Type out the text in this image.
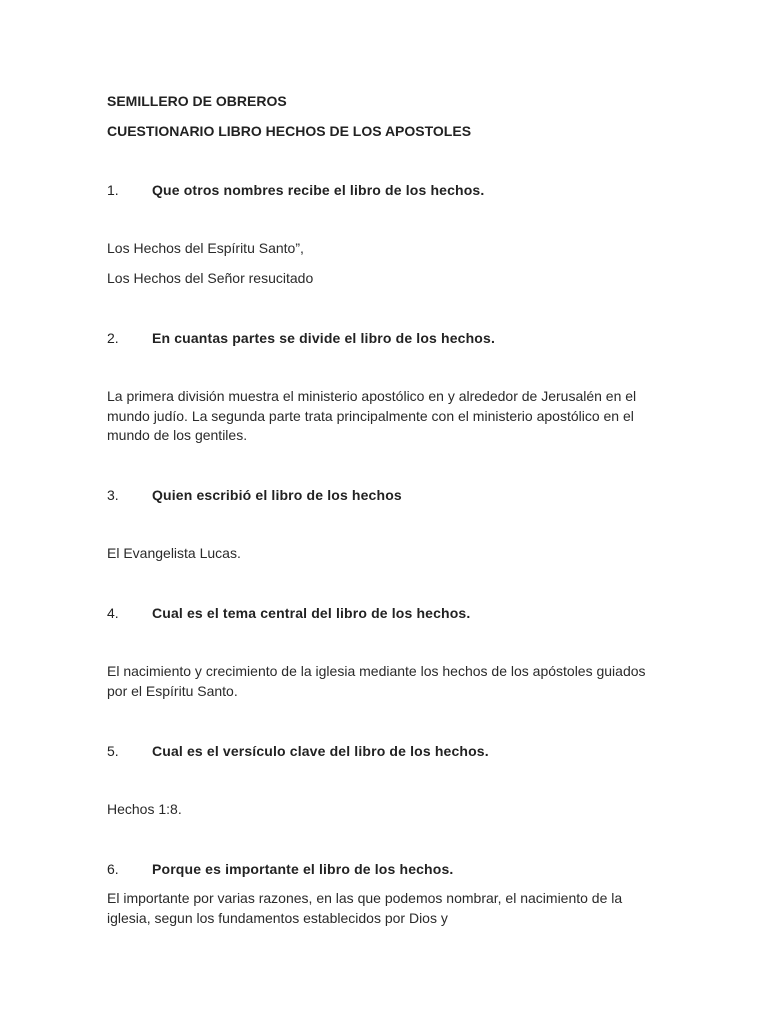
SEMILLERO DE OBREROS
CUESTIONARIO LIBRO HECHOS DE LOS APOSTOLES
1. Que otros nombres recibe el libro de los hechos.
Los Hechos del Espíritu Santo”,
Los Hechos del Señor resucitado
2. En cuantas partes se divide el libro de los hechos.
La primera división muestra el ministerio apostólico en y alrededor de Jerusalén en el mundo judío. La segunda parte trata principalmente con el ministerio apostólico en el mundo de los gentiles.
3. Quien escribió el libro de los hechos
El Evangelista Lucas.
4. Cual es el tema central del libro de los hechos.
El nacimiento y crecimiento de la iglesia mediante los hechos de los apóstoles guiados por el Espíritu Santo.
5. Cual es el versículo clave del libro de los hechos.
Hechos 1:8.
6. Porque es importante el libro de los hechos.
El importante por varias razones, en las que podemos nombrar, el nacimiento de la iglesia, segun los fundamentos establecidos por Dios y
